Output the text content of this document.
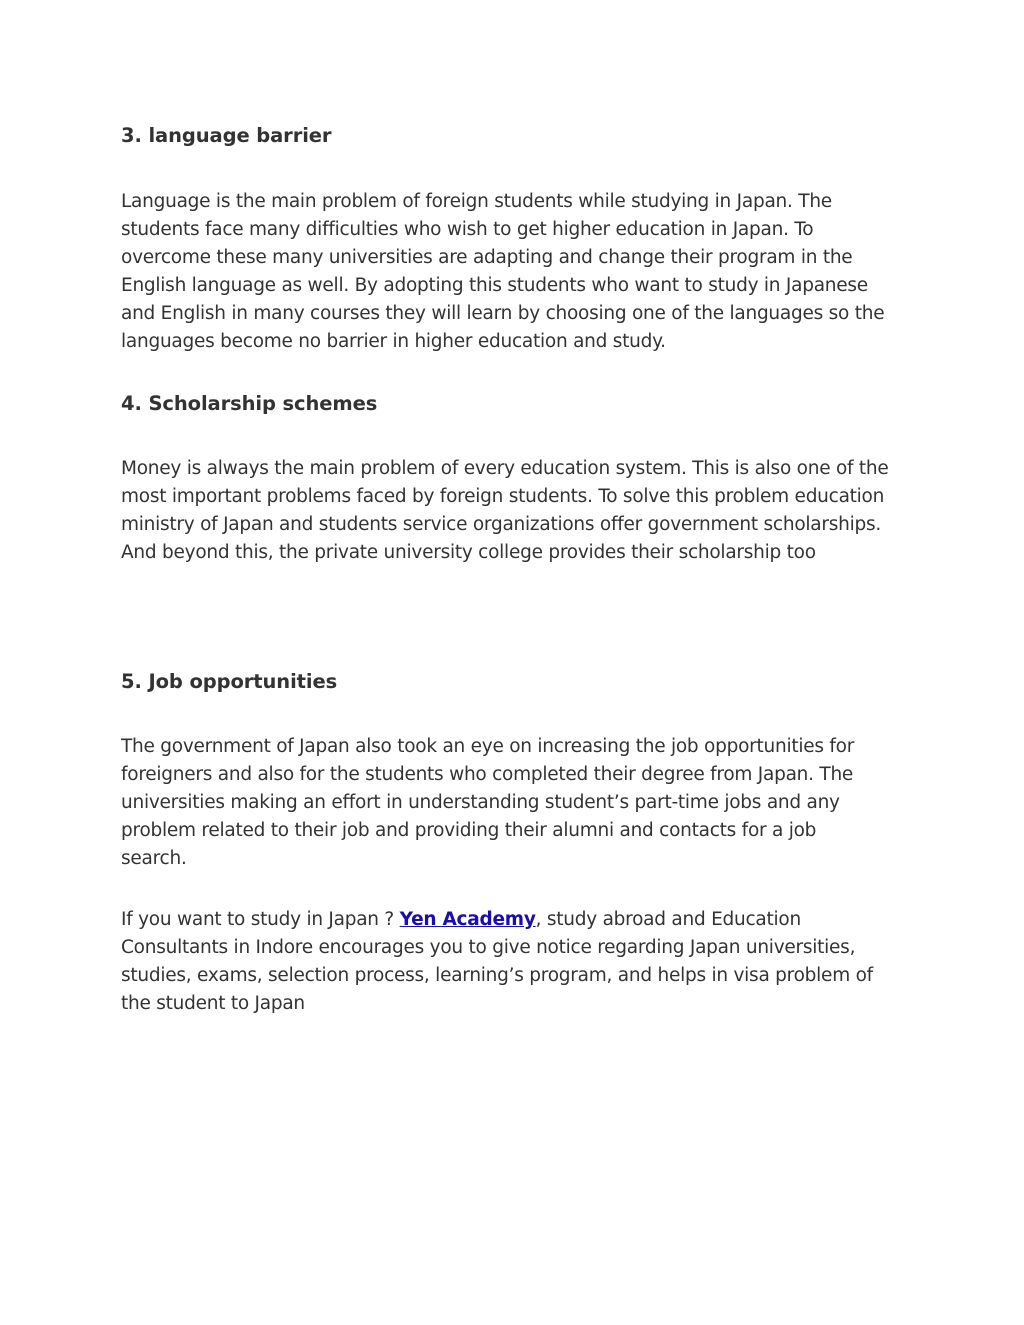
3. language barrier

Language is the main problem of foreign students while studying in Japan. The
students face many difficulties who wish to get higher education in Japan. To
overcome these many universities are adapting and change their program in the
English language as well. By adopting this students who want to study in Japanese
and English in many courses they will learn by choosing one of the languages so the
languages become no barrier in higher education and study.

4. Scholarship schemes

Money is always the main problem of every education system. This is also one of the
most important problems faced by foreign students. To solve this problem education
ministry of Japan and students service organizations offer government scholarships.
And beyond this, the private university college provides their scholarship too

5. Job opportunities

The government of Japan also took an eye on increasing the job opportunities for
foreigners and also for the students who completed their degree from Japan. The
universities making an effort in understanding student’s part-time jobs and any
problem related to their job and providing their alumni and contacts for a job
search.

If you want to study in Japan ? Yen Academy, study abroad and Education
Consultants in Indore encourages you to give notice regarding Japan universities,
studies, exams, selection process, learning’s program, and helps in visa problem of
the student to Japan
